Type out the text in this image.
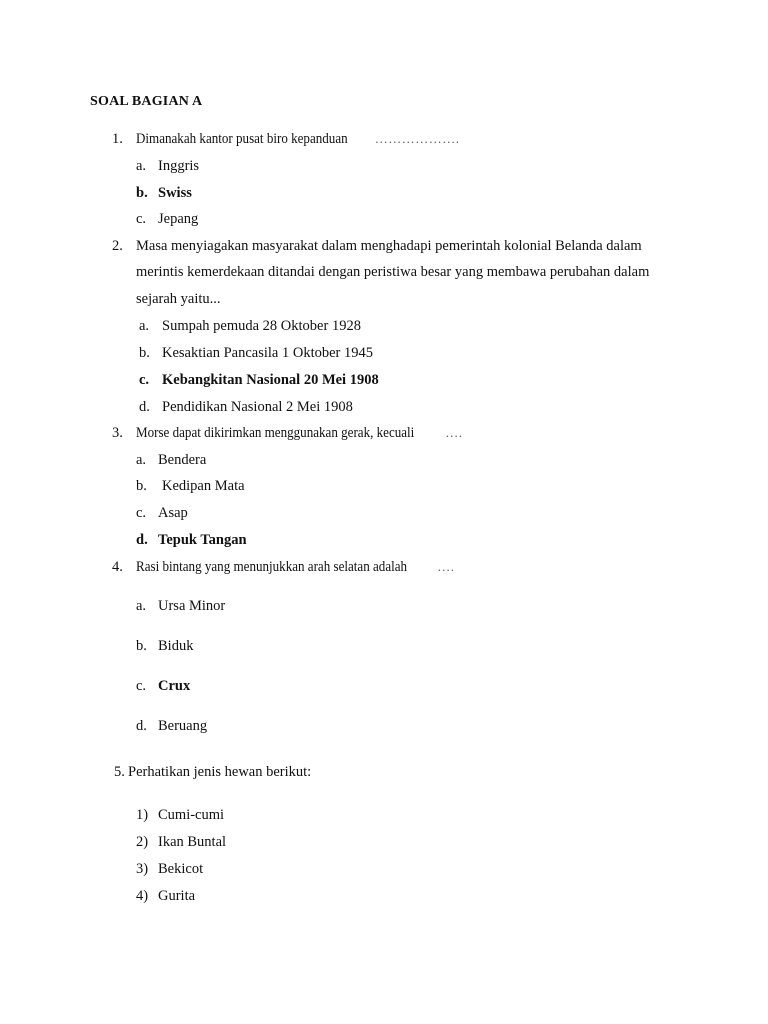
SOAL BAGIAN A
1. Dimanakah kantor pusat biro kepanduan ……………….
a. Inggris
b. Swiss
c. Jepang
2. Masa menyiagakan masyarakat dalam menghadapi pemerintah kolonial Belanda dalam
merintis kemerdekaan ditandai dengan peristiwa besar yang membawa perubahan dalam
sejarah yaitu...
a. Sumpah pemuda 28 Oktober 1928
b. Kesaktian Pancasila 1 Oktober 1945
c. Kebangkitan Nasional 20 Mei 1908
d. Pendidikan Nasional 2 Mei 1908
3. Morse dapat dikirimkan menggunakan gerak, kecuali ….
a. Bendera
b. Kedipan Mata
c. Asap
d. Tepuk Tangan
4. Rasi bintang yang menunjukkan arah selatan adalah ….
a. Ursa Minor
b. Biduk
c. Crux
d. Beruang
5. Perhatikan jenis hewan berikut:
1) Cumi-cumi
2) Ikan Buntal
3) Bekicot
4) Gurita
